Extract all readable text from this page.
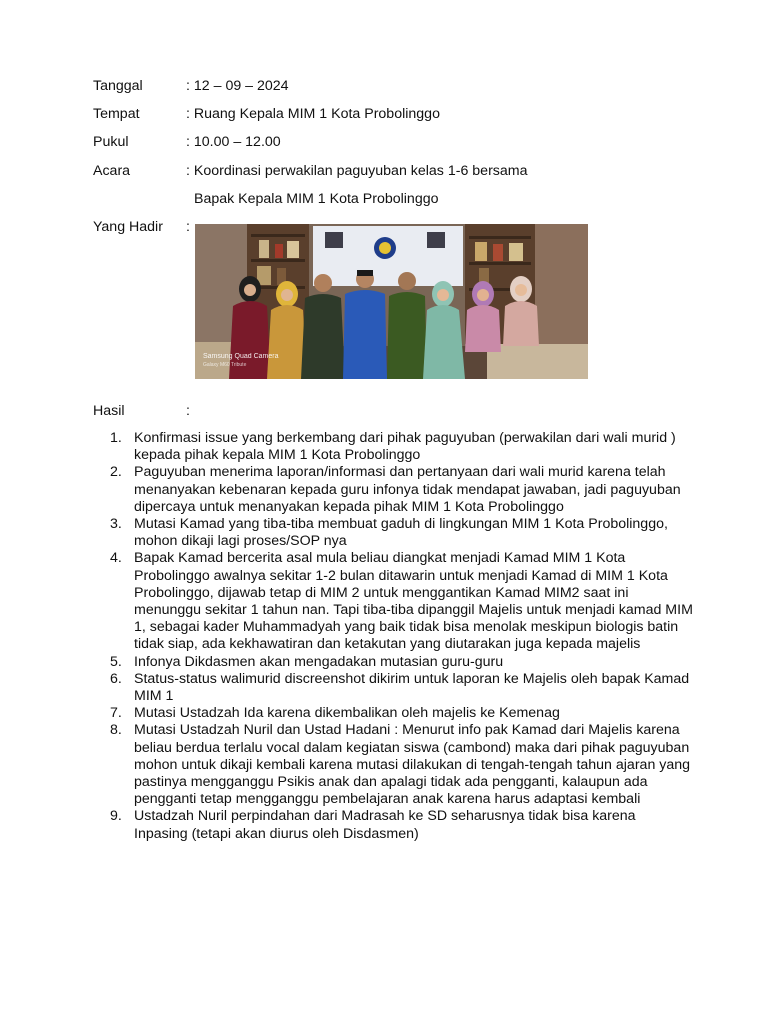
Tanggal	: 12 – 09 – 2024
Tempat	: Ruang Kepala MIM 1 Kota Probolinggo
Pukul	: 10.00 – 12.00
Acara	: Koordinasi perwakilan paguyuban kelas 1-6 bersama
Bapak Kepala MIM 1 Kota Probolinggo
Yang Hadir :
Samsung Quad Camera
Galaxy M60 Tribute
Hasil	:
1. Konfirmasi issue yang berkembang dari pihak paguyuban (perwakilan dari wali murid ) kepada pihak kepala MIM 1 Kota Probolinggo
2. Paguyuban menerima laporan/informasi dan pertanyaan dari wali murid karena telah menanyakan kebenaran kepada guru infonya tidak mendapat jawaban, jadi paguyuban dipercaya untuk menanyakan kepada pihak MIM 1 Kota Probolinggo
3. Mutasi Kamad yang tiba-tiba membuat gaduh di lingkungan MIM 1 Kota Probolinggo, mohon dikaji lagi proses/SOP nya
4. Bapak Kamad bercerita asal mula beliau diangkat menjadi Kamad MIM 1 Kota Probolinggo awalnya sekitar 1-2 bulan ditawarin untuk menjadi Kamad di MIM 1 Kota Probolinggo, dijawab tetap di MIM 2 untuk menggantikan Kamad MIM2 saat ini menunggu sekitar 1 tahun nan. Tapi tiba-tiba dipanggil Majelis untuk menjadi kamad MIM 1, sebagai kader Muhammadyah yang baik tidak bisa menolak meskipun biologis batin tidak siap, ada kekhawatiran dan ketakutan yang diutarakan juga kepada majelis
5. Infonya Dikdasmen akan mengadakan mutasian guru-guru
6. Status-status walimurid discreenshot dikirim untuk laporan ke Majelis oleh bapak Kamad MIM 1
7. Mutasi Ustadzah Ida karena dikembalikan oleh majelis ke Kemenag
8. Mutasi Ustadzah Nuril dan Ustad Hadani : Menurut info pak Kamad dari Majelis karena beliau berdua terlalu vocal dalam kegiatan siswa (cambond) maka dari pihak paguyuban mohon untuk dikaji kembali karena mutasi dilakukan di tengah-tengah tahun ajaran yang pastinya mengganggu Psikis anak dan apalagi tidak ada pengganti, kalaupun ada pengganti tetap mengganggu pembelajaran anak karena harus adaptasi kembali
9. Ustadzah Nuril perpindahan dari Madrasah ke SD seharusnya tidak bisa karena Inpasing (tetapi akan diurus oleh Disdasmen)
